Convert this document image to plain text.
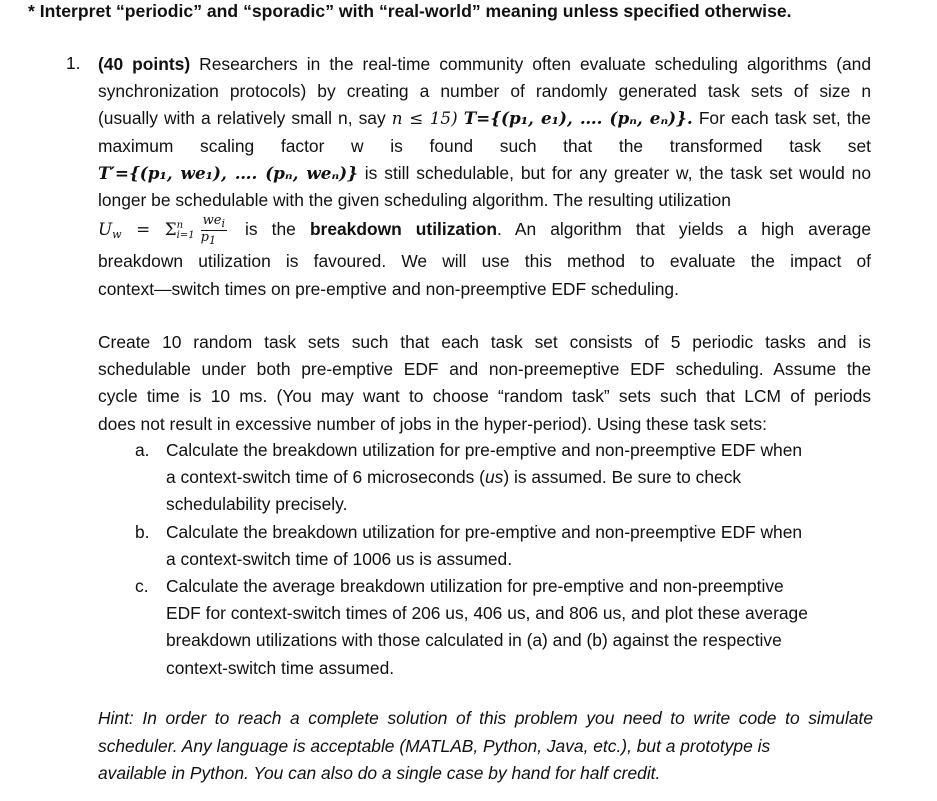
* Interpret “periodic” and “sporadic” with “real-world” meaning unless specified otherwise.
1. (40 points) Researchers in the real-time community often evaluate scheduling algorithms (and
synchronization protocols) by creating a number of randomly generated task sets of size n
(usually with a relatively small n, say n ≤ 15) T={(p₁, e₁), …. (pₙ, eₙ)}. For each task set, the
maximum scaling factor w is found such that the transformed task set
T′={(p₁, we₁), …. (pₙ, weₙ)} is still schedulable, but for any greater w, the task set would no
longer be schedulable with the given scheduling algorithm. The resulting utilization
$U_w = \Sigma$ n
$i=1 \frac{we_i}{p_1}$ is the breakdown utilization. An algorithm that yields a high average
breakdown utilization is favoured. We will use this method to evaluate the impact of
context—switch times on pre-emptive and non-preemptive EDF scheduling.
Create 10 random task sets such that each task set consists of 5 periodic tasks and is
schedulable under both pre-emptive EDF and non-preemeptive EDF scheduling. Assume the
cycle time is 10 ms. (You may want to choose “random task” sets such that LCM of periods
does not result in excessive number of jobs in the hyper-period). Using these task sets:
a. Calculate the breakdown utilization for pre-emptive and non-preemptive EDF when
a context-switch time of 6 microseconds (us) is assumed. Be sure to check
schedulability precisely.
b. Calculate the breakdown utilization for pre-emptive and non-preemptive EDF when
a context-switch time of 1006 us is assumed.
c. Calculate the average breakdown utilization for pre-emptive and non-preemptive
EDF for context-switch times of 206 us, 406 us, and 806 us, and plot these average
breakdown utilizations with those calculated in (a) and (b) against the respective
context-switch time assumed.
Hint: In order to reach a complete solution of this problem you need to write code to simulate
scheduler. Any language is acceptable (MATLAB, Python, Java, etc.), but a prototype is
available in Python. You can also do a single case by hand for half credit.
